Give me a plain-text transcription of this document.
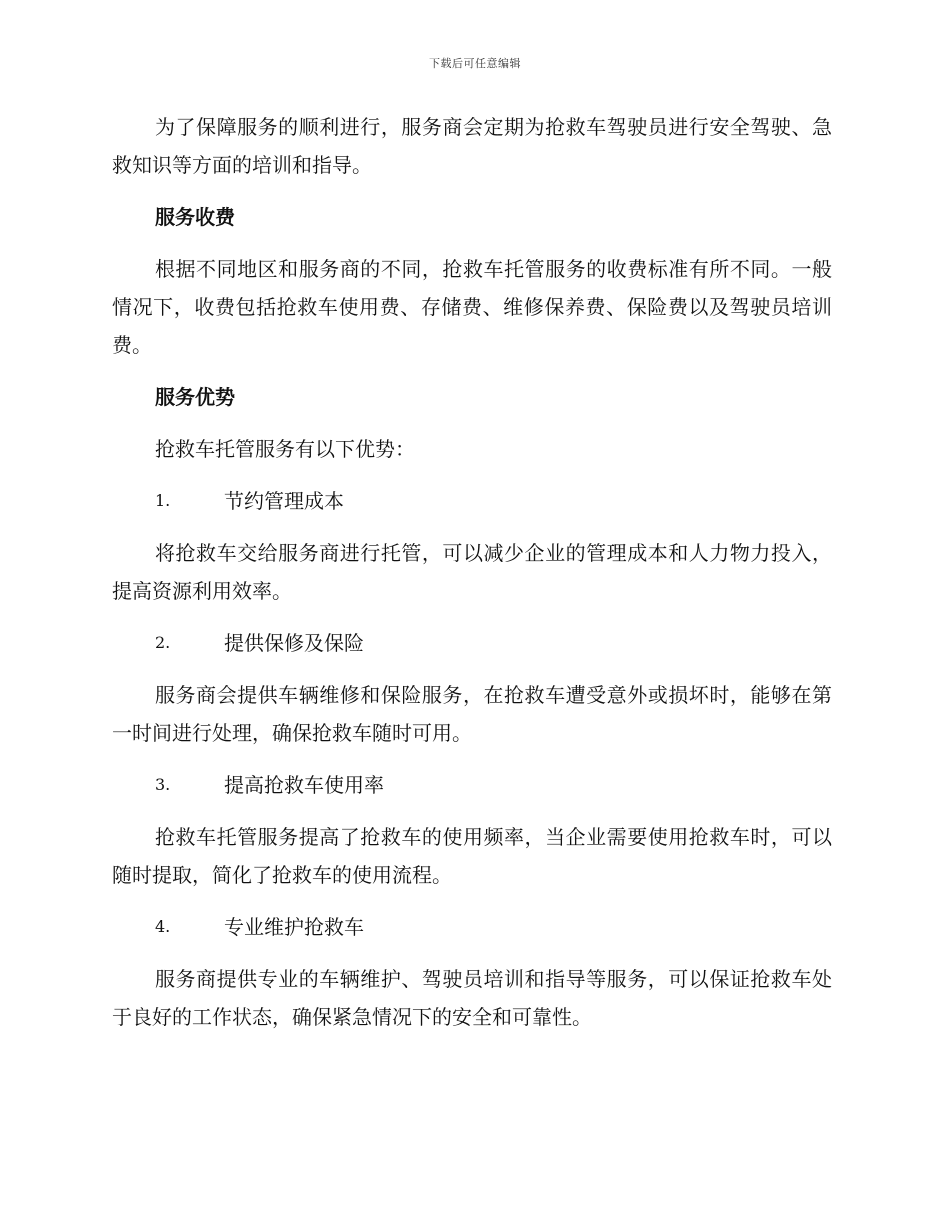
下载后可任意编辑

为了保障服务的顺利进行，服务商会定期为抢救车驾驶员进行安全驾驶、急救知识等方面的培训和指导。

服务收费

根据不同地区和服务商的不同，抢救车托管服务的收费标准有所不同。一般情况下，收费包括抢救车使用费、存储费、维修保养费、保险费以及驾驶员培训费。

服务优势

抢救车托管服务有以下优势：

1.	节约管理成本

将抢救车交给服务商进行托管，可以减少企业的管理成本和人力物力投入，提高资源利用效率。

2.	提供保修及保险

服务商会提供车辆维修和保险服务，在抢救车遭受意外或损坏时，能够在第一时间进行处理，确保抢救车随时可用。

3.	提高抢救车使用率

抢救车托管服务提高了抢救车的使用频率，当企业需要使用抢救车时，可以随时提取，简化了抢救车的使用流程。

4.	专业维护抢救车

服务商提供专业的车辆维护、驾驶员培训和指导等服务，可以保证抢救车处于良好的工作状态，确保紧急情况下的安全和可靠性。
